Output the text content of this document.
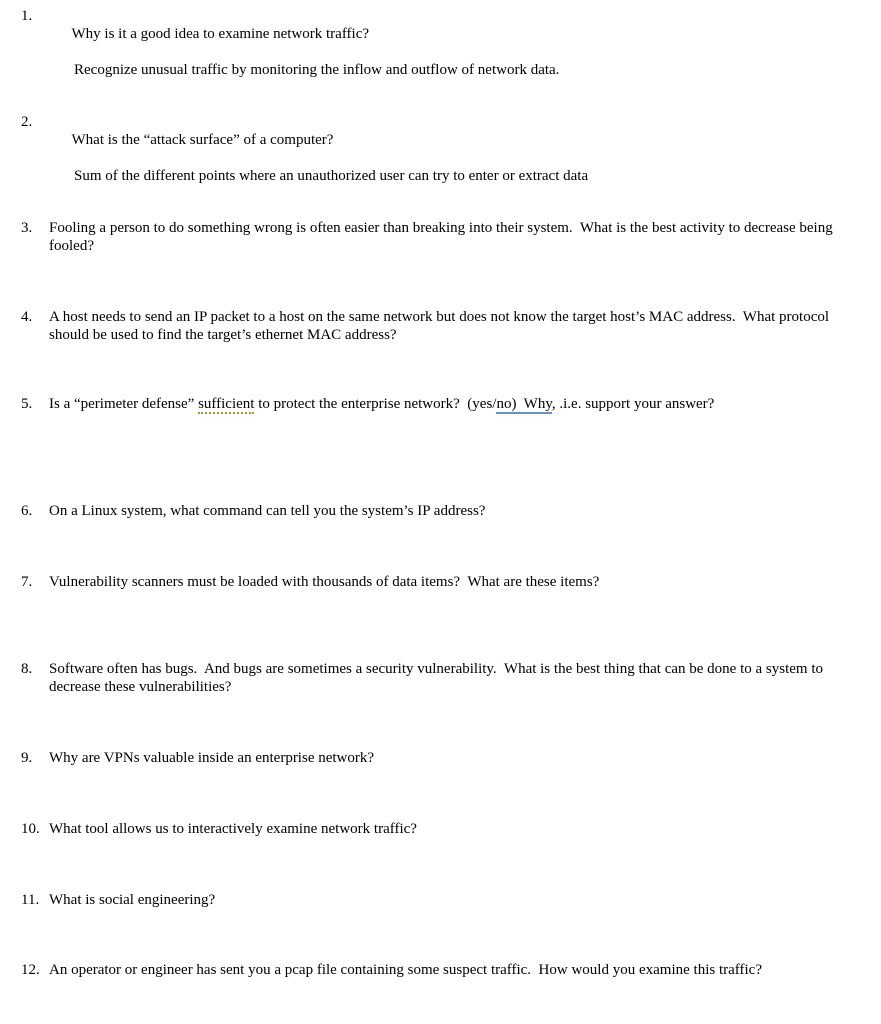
1.

Why is it a good idea to examine network traffic?

Recognize unusual traffic by monitoring the inflow and outflow of network data.

2.

What is the “attack surface” of a computer?

Sum of the different points where an unauthorized user can try to enter or extract data

3.	Fooling a person to do something wrong is often easier than breaking into their system.  What is the best activity to decrease being fooled?
4.	A host needs to send an IP packet to a host on the same network but does not know the target host’s MAC address.  What protocol should be used to find the target’s ethernet MAC address?
5.	Is a “perimeter defense” sufficient to protect the enterprise network?  (yes/no)  Why, .i.e. support your answer?
6.	On a Linux system, what command can tell you the system’s IP address?
7.	Vulnerability scanners must be loaded with thousands of data items?  What are these items?
8.	Software often has bugs.  And bugs are sometimes a security vulnerability.  What is the best thing that can be done to a system to decrease these vulnerabilities?
9.	Why are VPNs valuable inside an enterprise network?
10. What tool allows us to interactively examine network traffic?
11. What is social engineering?
12. An operator or engineer has sent you a pcap file containing some suspect traffic.  How would you examine this traffic?
